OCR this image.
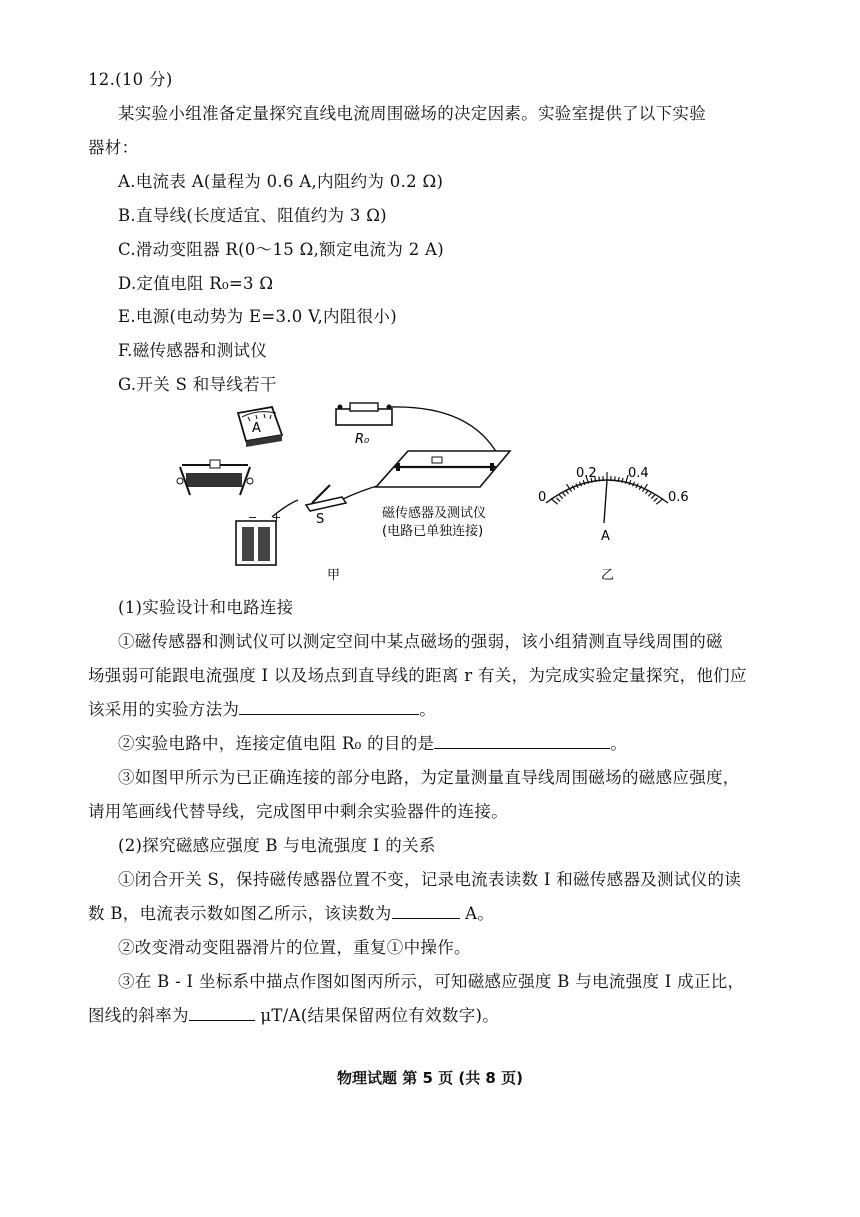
12.(10 分)
某实验小组准备定量探究直线电流周围磁场的决定因素。实验室提供了以下实验
器材：
A.电流表 A(量程为 0.6 A,内阻约为 0.2 Ω)
B.直导线(长度适宜、阻值约为 3 Ω)
C.滑动变阻器 R(0～15 Ω,额定电流为 2 A)
D.定值电阻 R₀=3 Ω
E.电源(电动势为 E=3.0 V,内阻很小)
F.磁传感器和测试仪
G.开关 S 和导线若干
A
R₀
S
− +	磁传感器及测试仪
(电路已单独连接)
甲
0
0.2 0.4
0.6
A
乙
(1)实验设计和电路连接
①磁传感器和测试仪可以测定空间中某点磁场的强弱，该小组猜测直导线周围的磁
场强弱可能跟电流强度 I 以及场点到直导线的距离 r 有关，为完成实验定量探究，他们应
该采用的实验方法为	。
②实验电路中，连接定值电阻 R₀ 的目的是	。
③如图甲所示为已正确连接的部分电路，为定量测量直导线周围磁场的磁感应强度，
请用笔画线代替导线，完成图甲中剩余实验器件的连接。
(2)探究磁感应强度 B 与电流强度 I 的关系
①闭合开关 S，保持磁传感器位置不变，记录电流表读数 I 和磁传感器及测试仪的读
数 B，电流表示数如图乙所示，该读数为	A。
②改变滑动变阻器滑片的位置，重复①中操作。
③在 B - I 坐标系中描点作图如图丙所示，可知磁感应强度 B 与电流强度 I 成正比，
图线的斜率为	μT/A(结果保留两位有效数字)。
物理试题 第 5 页 (共 8 页)
